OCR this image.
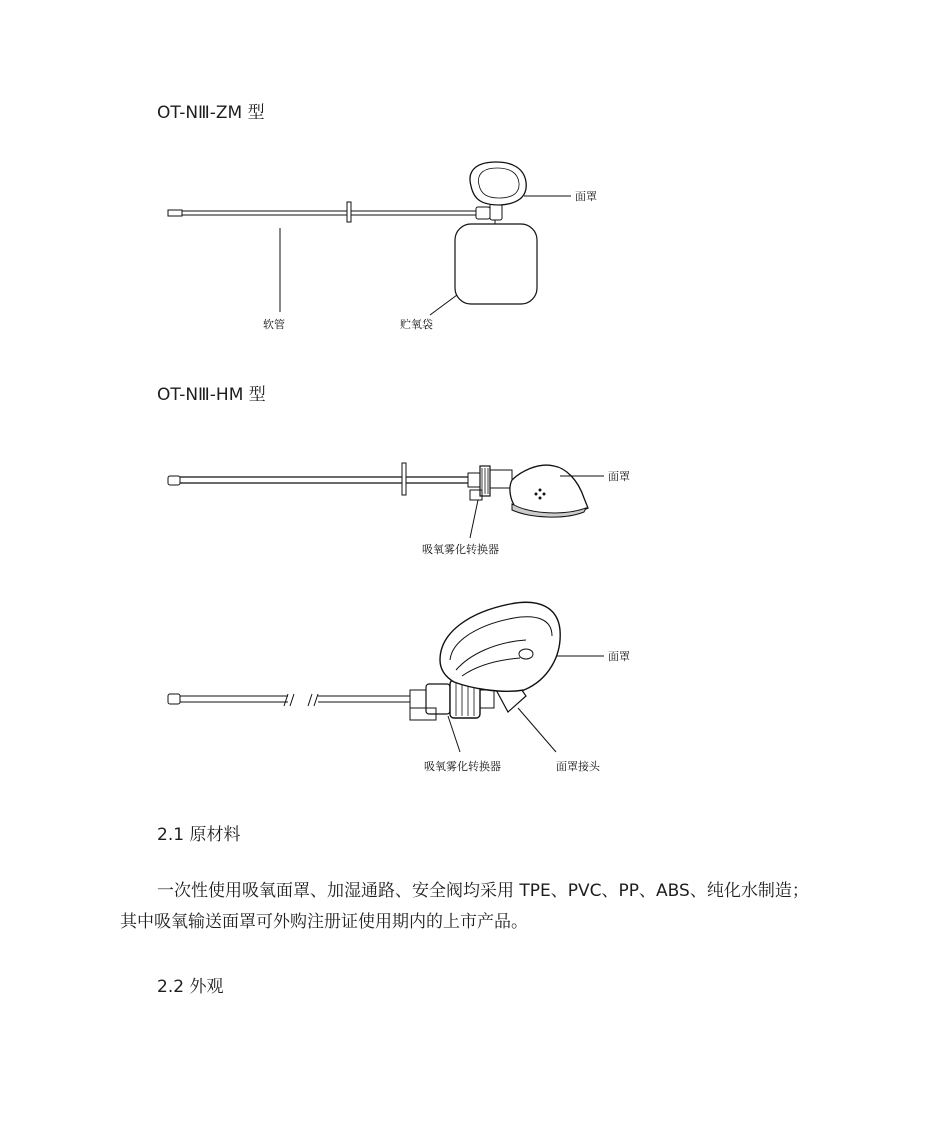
OT-NⅢ-ZM 型
面罩
软管	贮氧袋
OT-NⅢ-HM 型
面罩
吸氧雾化转换器
面罩
吸氧雾化转换器	面罩接头
2.1 原材料
一次性使用吸氧面罩、加湿通路、安全阀均采用 TPE、PVC、PP、ABS、纯化水制造；
其中吸氧输送面罩可外购注册证使用期内的上市产品。
2.2 外观
